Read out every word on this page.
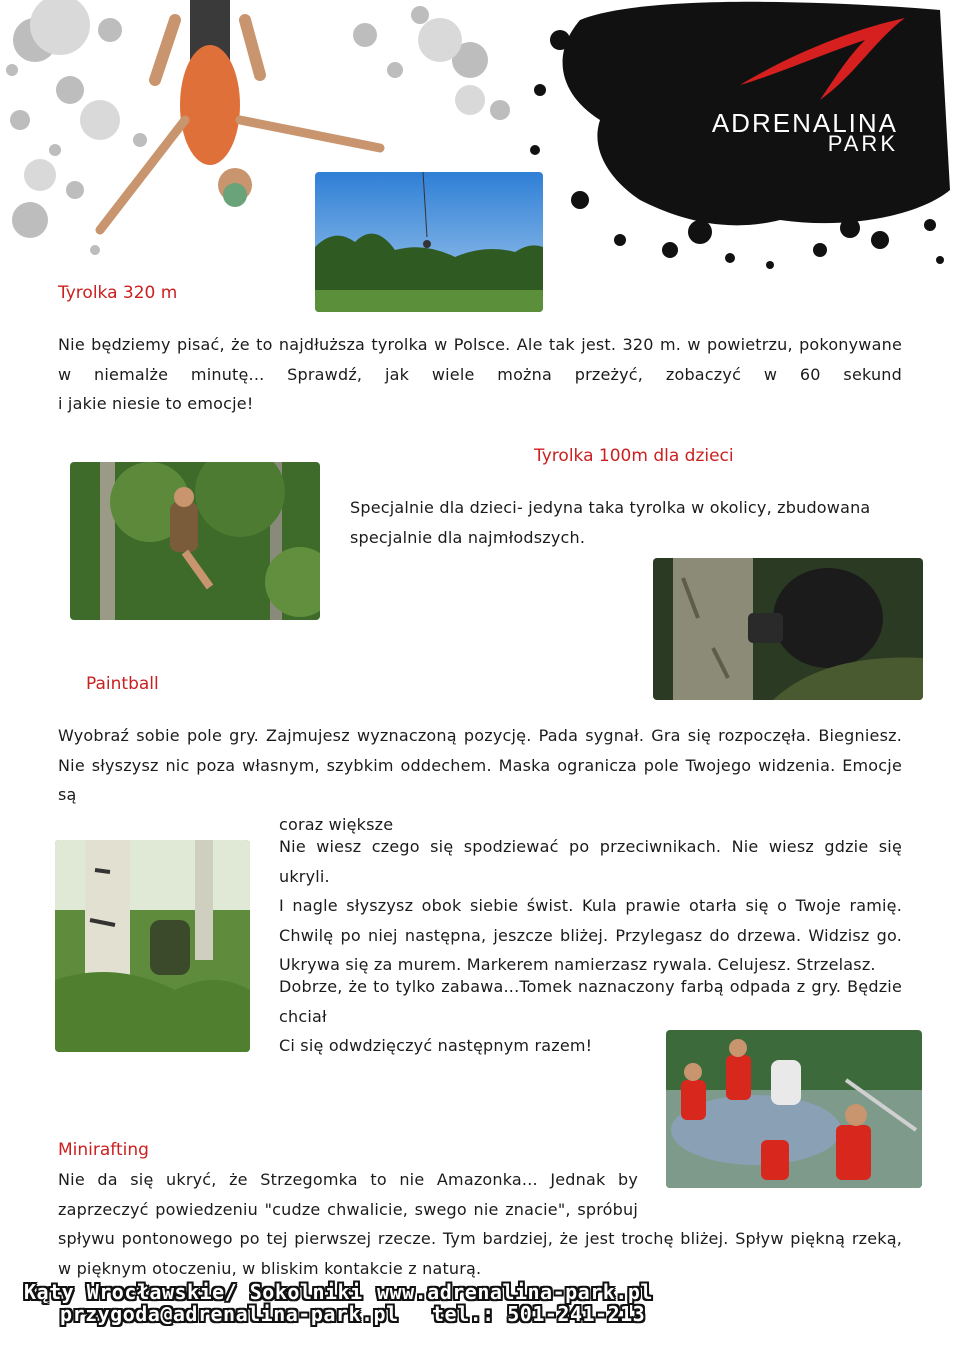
ADRENALINA
PARK
Tyrolka 320 m
Nie będziemy pisać, że to najdłuższa tyrolka w Polsce. Ale tak jest. 320 m. w powietrzu, pokonywane
w niemalże minutę... Sprawdź, jak wiele można przeżyć, zobaczyć w 60 sekund
i jakie niesie to emocje!
Tyrolka 100m dla dzieci
Specjalnie dla dzieci- jedyna taka tyrolka w okolicy, zbudowana
specjalnie dla najmłodszych.
Paintball
Wyobraź sobie pole gry. Zajmujesz wyznaczoną pozycję. Pada sygnał. Gra się rozpoczęła. Biegniesz.
Nie słyszysz nic poza własnym, szybkim oddechem. Maska ogranicza pole Twojego widzenia. Emocje są
coraz większe
Nie wiesz czego się spodziewać po przeciwnikach. Nie wiesz gdzie się ukryli.
I nagle słyszysz obok siebie świst. Kula prawie otarła się o Twoje ramię.
Chwilę po niej następna, jeszcze bliżej. Przylegasz do drzewa. Widzisz go.
Ukrywa się za murem. Markerem namierzasz rywala. Celujesz. Strzelasz.
Dobrze, że to tylko zabawa...Tomek naznaczony farbą odpada z gry. Będzie
chciał
Ci się odwdzięczyć następnym razem!
Minirafting
Nie da się ukryć, że Strzegomka to nie Amazonka... Jednak by
zaprzeczyć powiedzeniu "cudze chwalicie, swego nie znacie", spróbuj
spływu pontonowego po tej pierwszej rzecze. Tym bardziej, że jest trochę bliżej. Spływ piękną rzeką,
w pięknym otoczeniu, w bliskim kontakcie z naturą.
Kąty Wrocławskie/ Sokolniki www.adrenalina-park.pl
przygoda@adrenalina-park.pl tel.: 501-241-213
